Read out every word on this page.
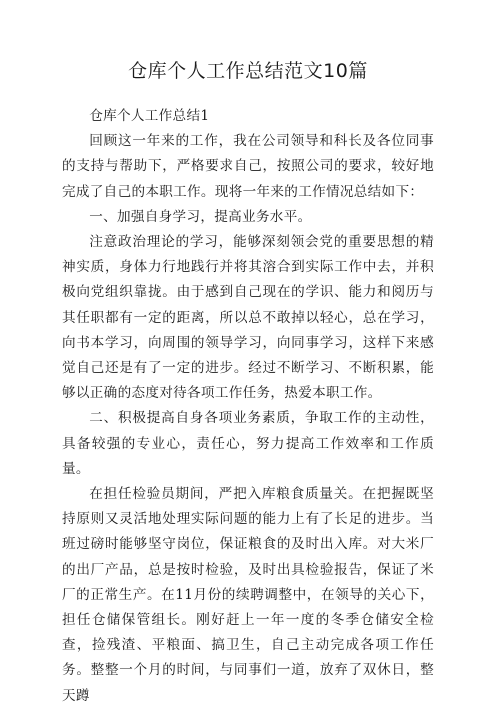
仓库个人工作总结范文10篇

仓库个人工作总结1

回顾这一年来的工作，我在公司领导和科长及各位同事的支持与帮助下，严格要求自己，按照公司的要求，较好地完成了自己的本职工作。现将一年来的工作情况总结如下：

一、加强自身学习，提高业务水平。

注意政治理论的学习，能够深刻领会党的重要思想的精神实质，身体力行地践行并将其溶合到实际工作中去，并积极向党组织靠拢。由于感到自己现在的学识、能力和阅历与其任职都有一定的距离，所以总不敢掉以轻心，总在学习，向书本学习，向周围的领导学习，向同事学习，这样下来感觉自己还是有了一定的进步。经过不断学习、不断积累，能够以正确的态度对待各项工作任务，热爱本职工作。

二、积极提高自身各项业务素质，争取工作的主动性，具备较强的专业心，责任心，努力提高工作效率和工作质量。

在担任检验员期间，严把入库粮食质量关。在把握既坚持原则又灵活地处理实际问题的能力上有了长足的进步。当班过磅时能够坚守岗位，保证粮食的及时出入库。对大米厂的出厂产品，总是按时检验，及时出具检验报告，保证了米厂的正常生产。在11月份的续聘调整中，在领导的关心下，担任仓储保管组长。刚好赶上一年一度的冬季仓储安全检查，捡残渣、平粮面、搞卫生，自己主动完成各项工作任务。整整一个月的时间，与同事们一道，放弃了双休日，整天蹲
